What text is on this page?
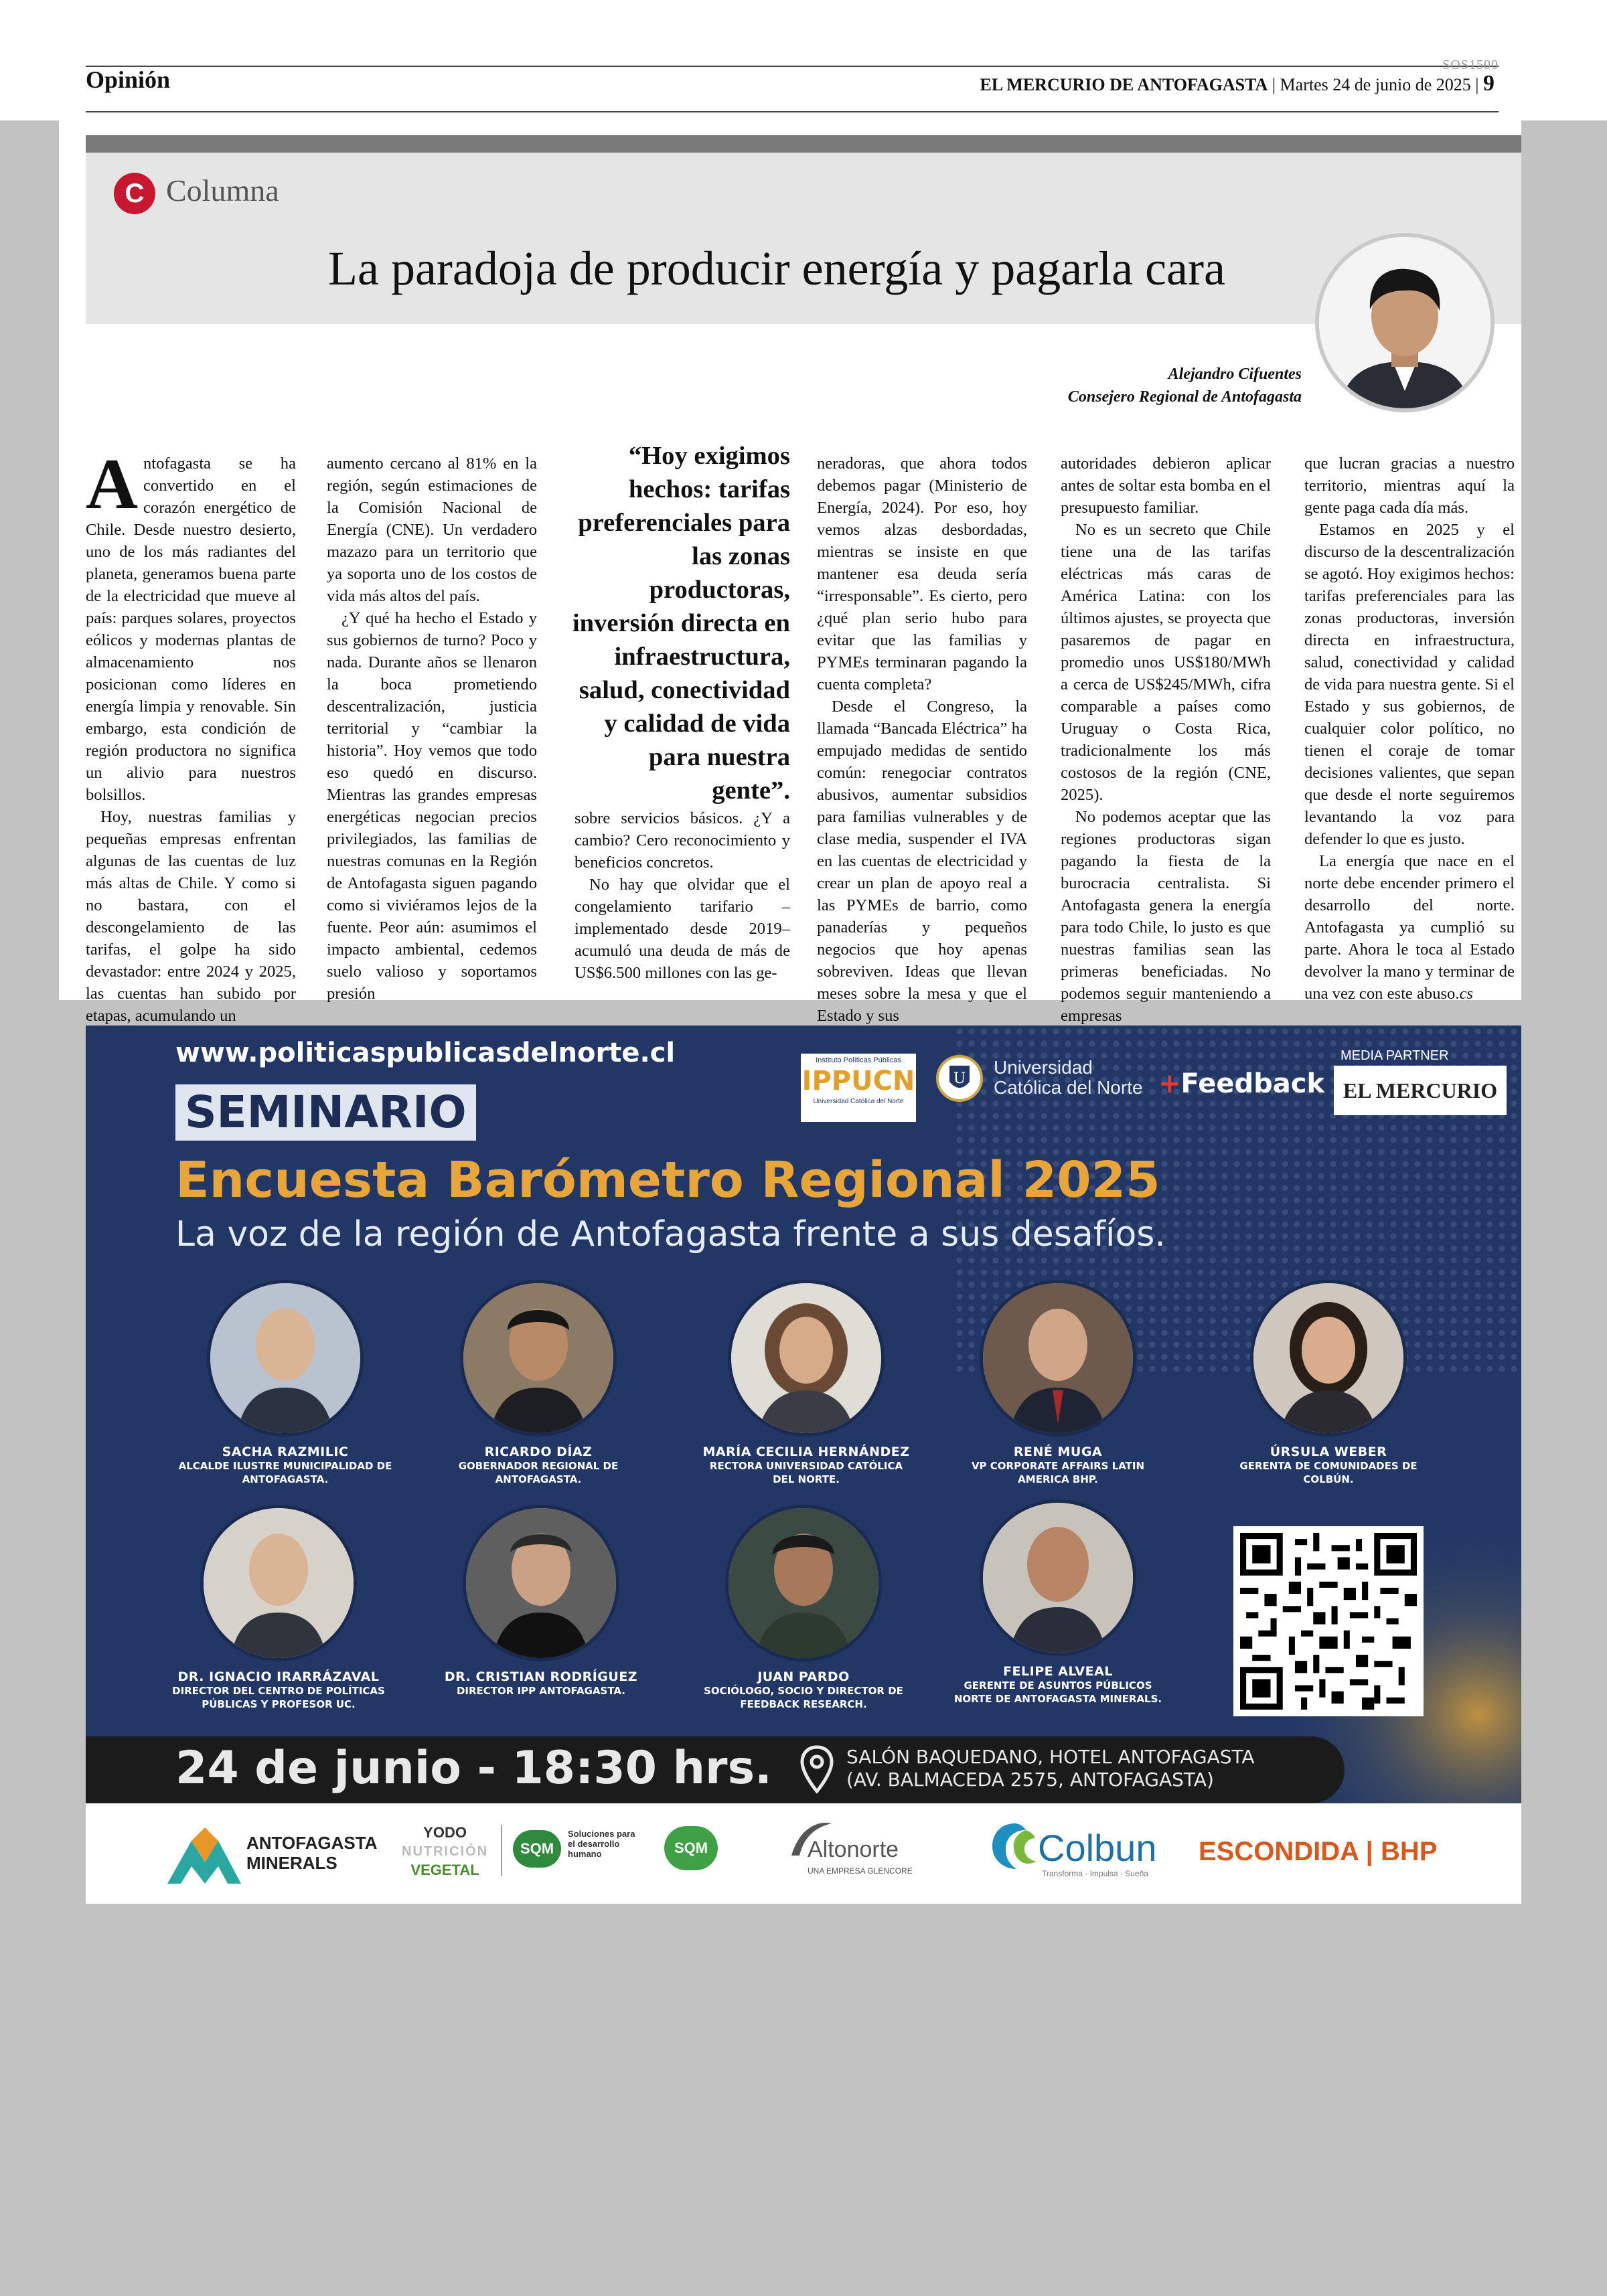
Opinión
SOS1500
EL MERCURIO DE ANTOFAGASTA | Martes 24 de junio de 2025 | 9
C Columna
La paradoja de producir energía y pagarla cara
Alejandro Cifuentes
Consejero Regional de Antofagasta

Antofagasta se ha convertido en el corazón energético de Chile. Desde nuestro desierto, uno de los más radiantes del planeta, generamos buena parte de la electricidad que mueve al país: parques solares, proyectos eólicos y modernas plantas de almacenamiento nos posicionan como líderes en energía limpia y renovable. Sin embargo, esta condición de región productora no significa un alivio para nuestros bolsillos.

Hoy, nuestras familias y pequeñas empresas enfrentan algunas de las cuentas de luz más altas de Chile. Y como si no bastara, con el descongelamiento de las tarifas, el golpe ha sido devastador: entre 2024 y 2025, las cuentas han subido por etapas, acumulando un

aumento cercano al 81% en la región, según estimaciones de la Comisión Nacional de Energía (CNE). Un verdadero mazazo para un territorio que ya soporta uno de los costos de vida más altos del país.

¿Y qué ha hecho el Estado y sus gobiernos de turno? Poco y nada. Durante años se llenaron la boca prometiendo descentralización, justicia territorial y “cambiar la historia”. Hoy vemos que todo eso quedó en discurso. Mientras las grandes empresas energéticas negocian precios privilegiados, las familias de nuestras comunas en la Región de Antofagasta siguen pagando como si viviéramos lejos de la fuente. Peor aún: asumimos el impacto ambiental, cedemos suelo valioso y soportamos presión

“Hoy exigimos hechos: tarifas preferenciales para las zonas productoras, inversión directa en infraestructura, salud, conectividad y calidad de vida para nuestra gente”.

sobre servicios básicos. ¿Y a cambio? Cero reconocimiento y beneficios concretos.

No hay que olvidar que el congelamiento tarifario –implementado desde 2019– acumuló una deuda de más de US$6.500 millones con las ge-

neradoras, que ahora todos debemos pagar (Ministerio de Energía, 2024). Por eso, hoy vemos alzas desbordadas, mientras se insiste en que mantener esa deuda sería “irresponsable”. Es cierto, pero ¿qué plan serio hubo para evitar que las familias y PYMEs terminaran pagando la cuenta completa?

Desde el Congreso, la llamada “Bancada Eléctrica” ha empujado medidas de sentido común: renegociar contratos abusivos, aumentar subsidios para familias vulnerables y de clase media, suspender el IVA en las cuentas de electricidad y crear un plan de apoyo real a las PYMEs de barrio, como panaderías y pequeños negocios que hoy apenas sobreviven. Ideas que llevan meses sobre la mesa y que el Estado y sus

autoridades debieron aplicar antes de soltar esta bomba en el presupuesto familiar.

No es un secreto que Chile tiene una de las tarifas eléctricas más caras de América Latina: con los últimos ajustes, se proyecta que pasaremos de pagar en promedio unos US$180/MWh a cerca de US$245/MWh, cifra comparable a países como Uruguay o Costa Rica, tradicionalmente los más costosos de la región (CNE, 2025).

No podemos aceptar que las regiones productoras sigan pagando la fiesta de la burocracia centralista. Si Antofagasta genera la energía para todo Chile, lo justo es que nuestras familias sean las primeras beneficiadas. No podemos seguir manteniendo a empresas

que lucran gracias a nuestro territorio, mientras aquí la gente paga cada día más.

Estamos en 2025 y el discurso de la descentralización se agotó. Hoy exigimos hechos: tarifas preferenciales para las zonas productoras, inversión directa en infraestructura, salud, conectividad y calidad de vida para nuestra gente. Si el Estado y sus gobiernos, de cualquier color político, no tienen el coraje de tomar decisiones valientes, que sepan que desde el norte seguiremos levantando la voz para defender lo que es justo.

La energía que nace en el norte debe encender primero el desarrollo del norte. Antofagasta ya cumplió su parte. Ahora le toca al Estado devolver la mano y terminar de una vez con este abuso.cs

www.politicaspublicasdelnorte.cl
SEMINARIO
Encuesta Barómetro Regional 2025
La voz de la región de Antofagasta frente a sus desafíos.
Instituto Políticas Públicas
IPPUCN
Universidad Católica del Norte
U
Universidad
Católica del Norte +Feedback
MEDIA PARTNER
EL MERCURIO
SACHA RAZMILIC
ALCALDE ILUSTRE MUNICIPALIDAD DE ANTOFAGASTA.
RICARDO DÍAZ
GOBERNADOR REGIONAL DE ANTOFAGASTA.
MARÍA CECILIA HERNÁNDEZ
RECTORA UNIVERSIDAD CATÓLICA DEL NORTE.
RENÉ MUGA
VP CORPORATE AFFAIRS LATIN AMERICA BHP.
ÚRSULA WEBER
GERENTA DE COMUNIDADES DE COLBÚN.
DR. IGNACIO IRARRÁZAVAL
DIRECTOR DEL CENTRO DE POLÍTICAS PÚBLICAS Y PROFESOR UC.
DR. CRISTIAN RODRÍGUEZ
DIRECTOR IPP ANTOFAGASTA.
JUAN PARDO
SOCIÓLOGO, SOCIO Y DIRECTOR DE FEEDBACK RESEARCH.
FELIPE ALVEAL
GERENTE DE ASUNTOS PÚBLICOS NORTE DE ANTOFAGASTA MINERALS.
24 de junio - 18:30 hrs.	SALÓN BAQUEDANO, HOTEL ANTOFAGASTA
(AV. BALMACEDA 2575, ANTOFAGASTA)
ANTOFAGASTA
MINERALS
YODO
NUTRICIÓN
VEGETAL
SQM
Soluciones para el desarrollo humano	SQM	Altonorte
UNA EMPRESA GLENCORE
Colbun
Transforma · Impulsa · Sueña
ESCONDIDA | BHP
